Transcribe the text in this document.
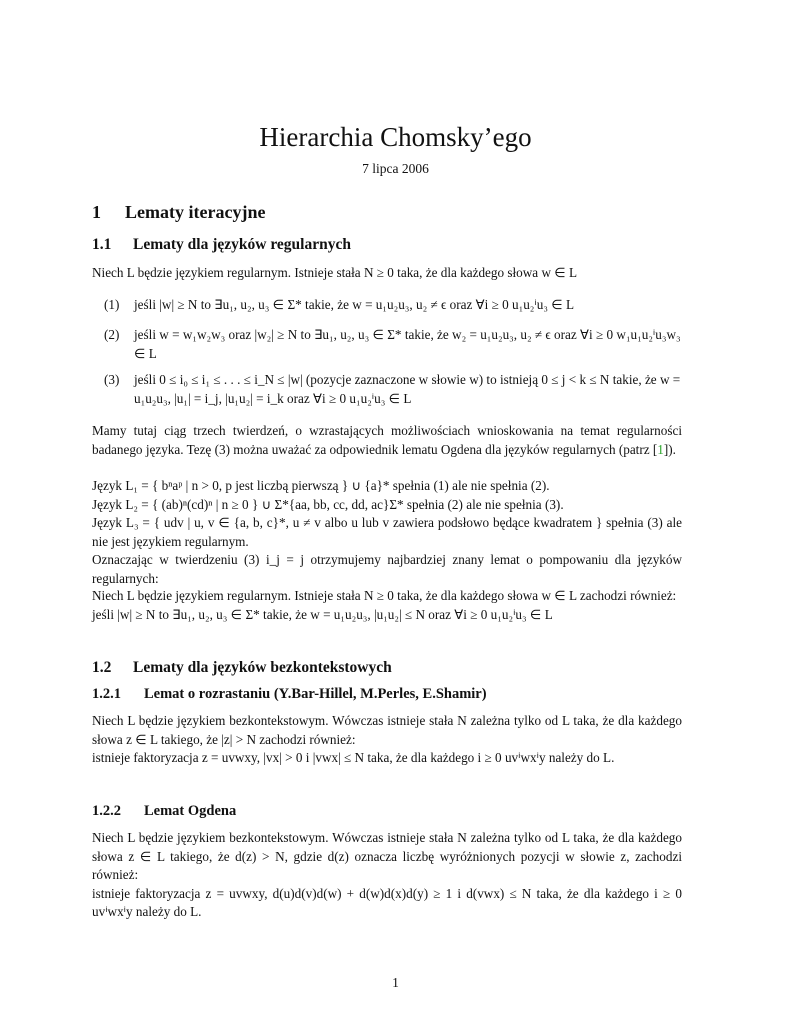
Hierarchia Chomsky’ego
7 lipca 2006
1 Lematy iteracyjne
1.1 Lematy dla języków regularnych
Niech L będzie językiem regularnym. Istnieje stała N ≥ 0 taka, że dla każdego słowa w ∈ L
(1) jeśli |w| ≥ N to ∃u₁, u₂, u₃ ∈ Σ* takie, że w = u₁u₂u₃, u₂ ≠ ϵ oraz ∀i ≥ 0 u₁u₂ⁱu₃ ∈ L
(2) jeśli w = w₁w₂w₃ oraz |w₂| ≥ N to ∃u₁, u₂, u₃ ∈ Σ* takie, że w₂ = u₁u₂u₃, u₂ ≠ ϵ oraz ∀i ≥ 0 w₁u₁u₂ⁱu₃w₃ ∈ L
(3) jeśli 0 ≤ i₀ ≤ i₁ ≤ . . . ≤ i_N ≤ |w| (pozycje zaznaczone w słowie w) to istnieją 0 ≤ j < k ≤ N takie, że w = u₁u₂u₃, |u₁| = i_j, |u₁u₂| = i_k oraz ∀i ≥ 0 u₁u₂ⁱu₃ ∈ L
Mamy tutaj ciąg trzech twierdzeń, o wzrastających możliwościach wnioskowania na temat regularności badanego języka. Tezę (3) można uważać za odpowiednik lematu Ogdena dla języków regularnych (patrz [1]).
Język L₁ = { bⁿaᵖ | n > 0, p jest liczbą pierwszą } ∪ {a}* spełnia (1) ale nie spełnia (2).
Język L₂ = { (ab)ⁿ(cd)ⁿ | n ≥ 0 } ∪ Σ*{aa, bb, cc, dd, ac}Σ* spełnia (2) ale nie spełnia (3).
Język L₃ = { udv | u, v ∈ {a, b, c}*, u ≠ v albo u lub v zawiera podsłowo będące kwadratem } spełnia (3) ale nie jest językiem regularnym.
Oznaczając w twierdzeniu (3) i_j = j otrzymujemy najbardziej znany lemat o pompowaniu dla języków regularnych:
Niech L będzie językiem regularnym. Istnieje stała N ≥ 0 taka, że dla każdego słowa w ∈ L zachodzi również:
jeśli |w| ≥ N to ∃u₁, u₂, u₃ ∈ Σ* takie, że w = u₁u₂u₃, |u₁u₂| ≤ N oraz ∀i ≥ 0 u₁u₂ⁱu₃ ∈ L
1.2 Lematy dla języków bezkontekstowych
1.2.1 Lemat o rozrastaniu (Y.Bar-Hillel, M.Perles, E.Shamir)
Niech L będzie językiem bezkontekstowym. Wówczas istnieje stała N zależna tylko od L taka, że dla każdego słowa z ∈ L takiego, że |z| > N zachodzi również:
istnieje faktoryzacja z = uvwxy, |vx| > 0 i |vwx| ≤ N taka, że dla każdego i ≥ 0 uvⁱwxⁱy należy do L.
1.2.2 Lemat Ogdena
Niech L będzie językiem bezkontekstowym. Wówczas istnieje stała N zależna tylko od L taka, że dla każdego słowa z ∈ L takiego, że d(z) > N, gdzie d(z) oznacza liczbę wyróżnionych pozycji w słowie z, zachodzi również:
istnieje faktoryzacja z = uvwxy, d(u)d(v)d(w) + d(w)d(x)d(y) ≥ 1 i d(vwx) ≤ N taka, że dla każdego i ≥ 0 uvⁱwxⁱy należy do L.
1
